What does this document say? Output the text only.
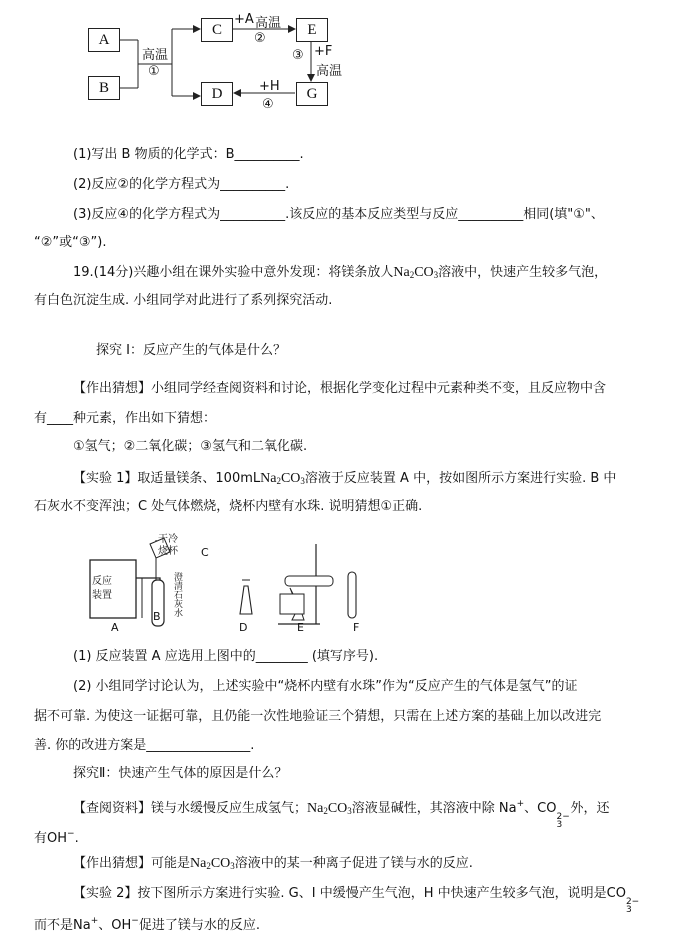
A
B
C	E
D	G
高温
①
+A 高温
②
③ +F
高温
+H
④
(1)写出 B 物质的化学式：B__________.
(2)反应②的化学方程式为__________.
(3)反应④的化学方程式为__________.该反应的基本反应类型与反应__________相同(填"①"、
“②”或“③”).
19.(14分)兴趣小组在课外实验中意外发现：将镁条放人$Na_2CO_3$溶液中，快速产生较多气泡，
有白色沉淀生成. 小组同学对此进行了系列探究活动.
探究 I：反应产生的气体是什么？
【作出猜想】小组同学经查阅资料和讨论，根据化学变化过程中元素种类不变，且反应物中含
有____种元素，作出如下猜想：
①氢气；②二氧化碳；③氢气和二氧化碳.
【实验 1】取适量镁条、$100mLNa_2CO_3$溶液于反应装置 A 中，按如图所示方案进行实验. B 中
石灰水不变浑浊；C 处气体燃烧，烧杯内壁有水珠. 说明猜想①正确.
反应
装置
干冷
烧杯
澄清石灰水
A
B
C
D	E	F
(1) 反应装置 A 应选用上图中的________ (填写序号).
(2) 小组同学讨论认为，上述实验中“烧杯内壁有水珠”作为“反应产生的气体是氢气”的证
据不可靠. 为使这一证据可靠，且仍能一次性地验证三个猜想，只需在上述方案的基础上加以改进完
善. 你的改进方案是________________.
探究Ⅱ：快速产生气体的原因是什么？
【查阅资料】镁与水缓慢反应生成氢气；$Na_2CO_3$溶液显碱性，其溶液中除 Na+、CO
2−
3
外，还
有OH−.
【作出猜想】可能是$Na_2CO_3$溶液中的某一种离子促进了镁与水的反应.
【实验 2】按下图所示方案进行实验. G、I 中缓慢产生气泡，H 中快速产生较多气泡，说明是CO
2−
3
而不是Na+、OH−促进了镁与水的反应.
